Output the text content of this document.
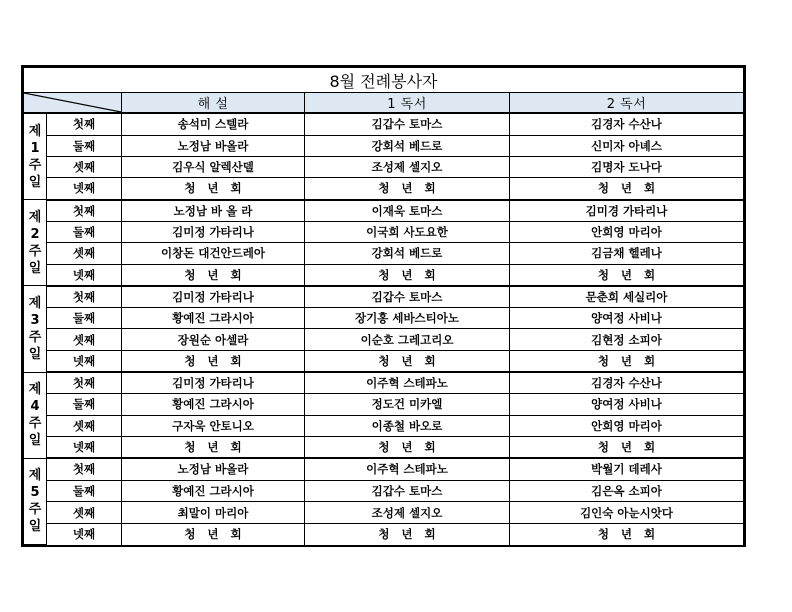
8월 전례봉사자				

	해 설	1 독서	2 독서

제
1
주
일	첫째	송석미 스텔라	김갑수 토마스	김경자 수산나
	둘째	노정남 바올라	강회석 베드로	신미자 아녜스
	셋째	김우식 알렉산델	조성제 셀지오	김명자 도나다
	넷째	청   년   회	청   년   회	청   년   회

제
2
주
일	첫째	노정남 바 올 라	이재욱 토마스	김미경 가타리나
	둘째	김미정 가타리나	이국희 사도요한	안희영 마리아
	셋째	이창돈 대건안드레아	강회석 베드로	김금채 헬레나
	넷째	청   년   회	청   년   회	청   년   회

제
3
주
일	첫째	김미정 가타리나	김갑수 토마스	문춘희 세실리아
	둘째	황예진 그라시아	장기홍 세바스티아노	양여정 사비나
	셋째	장원순 아셀라	이순호 그레고리오	김현정 소피아
	넷째	청   년   회	청   년   회	청   년   회

제
4
주
일	첫째	김미정 가타리나	이주혁 스테파노	김경자 수산나
	둘째	황예진 그라시아	정도건 미카엘	양여정 사비나
	셋째	구자욱 안토니오	이종철 바오로	안희영 마리아
	넷째	청   년   회	청   년   회	청   년   회

제
5
주
일	첫째	노정남 바올라	이주혁 스테파노	박월기 데레사
	둘째	황예진 그라시아	김갑수 토마스	김은옥 소피아
	셋째	최말이 마리아	조성제 셀지오	김인숙 아눈시앗다
	넷째	청   년   회	청   년   회	청   년   회
